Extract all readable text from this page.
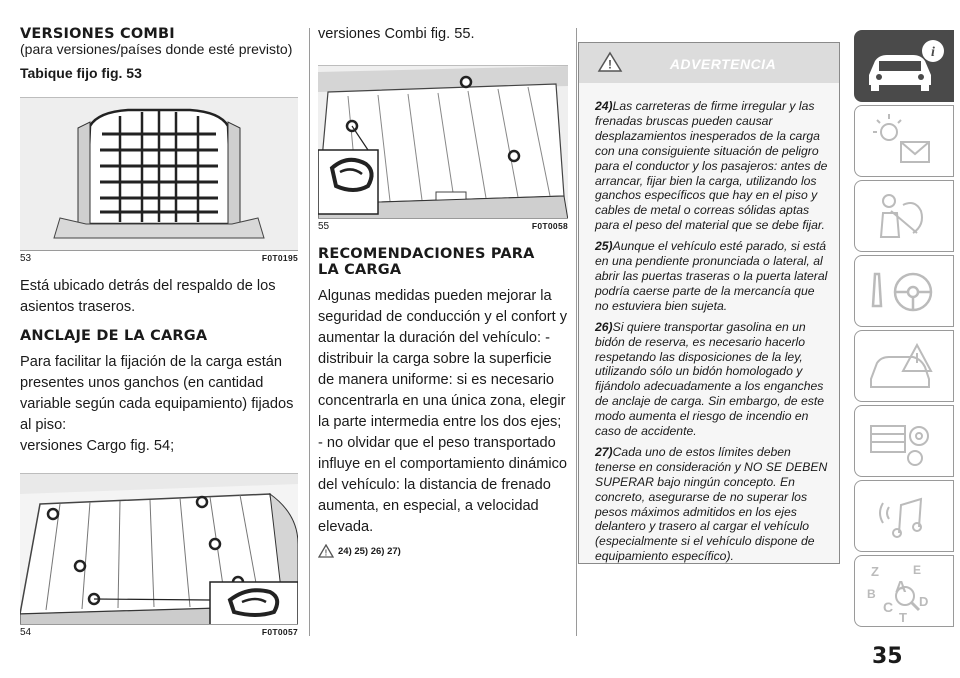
VERSIONES COMBI
(para versiones/países donde esté previsto)
Tabique fijo fig. 53
53	F0T0195
Está ubicado detrás del respaldo de los asientos traseros.
ANCLAJE DE LA CARGA
Para facilitar la fijación de la carga están presentes unos ganchos (en cantidad variable según cada equipamiento) fijados al piso:
versiones Cargo fig. 54;
54	F0T0057
versiones Combi fig. 55.
55	F0T0058
RECOMENDACIONES PARA LA CARGA
Algunas medidas pueden mejorar la seguridad de conducción y el confort y aumentar la duración del vehículo: - distribuir la carga sobre la superficie de manera uniforme: si es necesario concentrarla en una única zona, elegir la parte intermedia entre los dos ejes; - no olvidar que el peso transportado influye en el comportamiento dinámico del vehículo: la distancia de frenado aumenta, en especial, a velocidad elevada.
! 24) 25) 26) 27)
!	ADVERTENCIA
24)Las carreteras de firme irregular y las frenadas bruscas pueden causar desplazamientos inesperados de la carga con una consiguiente situación de peligro para el conductor y los pasajeros: antes de arrancar, fijar bien la carga, utilizando los ganchos específicos que hay en el piso y cables de metal o correas sólidas aptas para el peso del material que se debe fijar.
25)Aunque el vehículo esté parado, si está en una pendiente pronunciada o lateral, al abrir las puertas traseras o la puerta lateral podría caerse parte de la mercancía que no estuviera bien sujeta.
26)Si quiere transportar gasolina en un bidón de reserva, es necesario hacerlo respetando las disposiciones de la ley, utilizando sólo un bidón homologado y fijándolo adecuadamente a los enganches de anclaje de carga. Sin embargo, de este modo aumenta el riesgo de incendio en caso de accidente.
27)Cada uno de estos límites deben tenerse en consideración y NO SE DEBEN SUPERAR bajo ningún concepto. En concreto, asegurarse de no superar los pesos máximos admitidos en los ejes delantero y trasero al cargar el vehículo (especialmente si el vehículo dispone de equipamiento específico).
i
Z	E
A
B
C D
T
35
